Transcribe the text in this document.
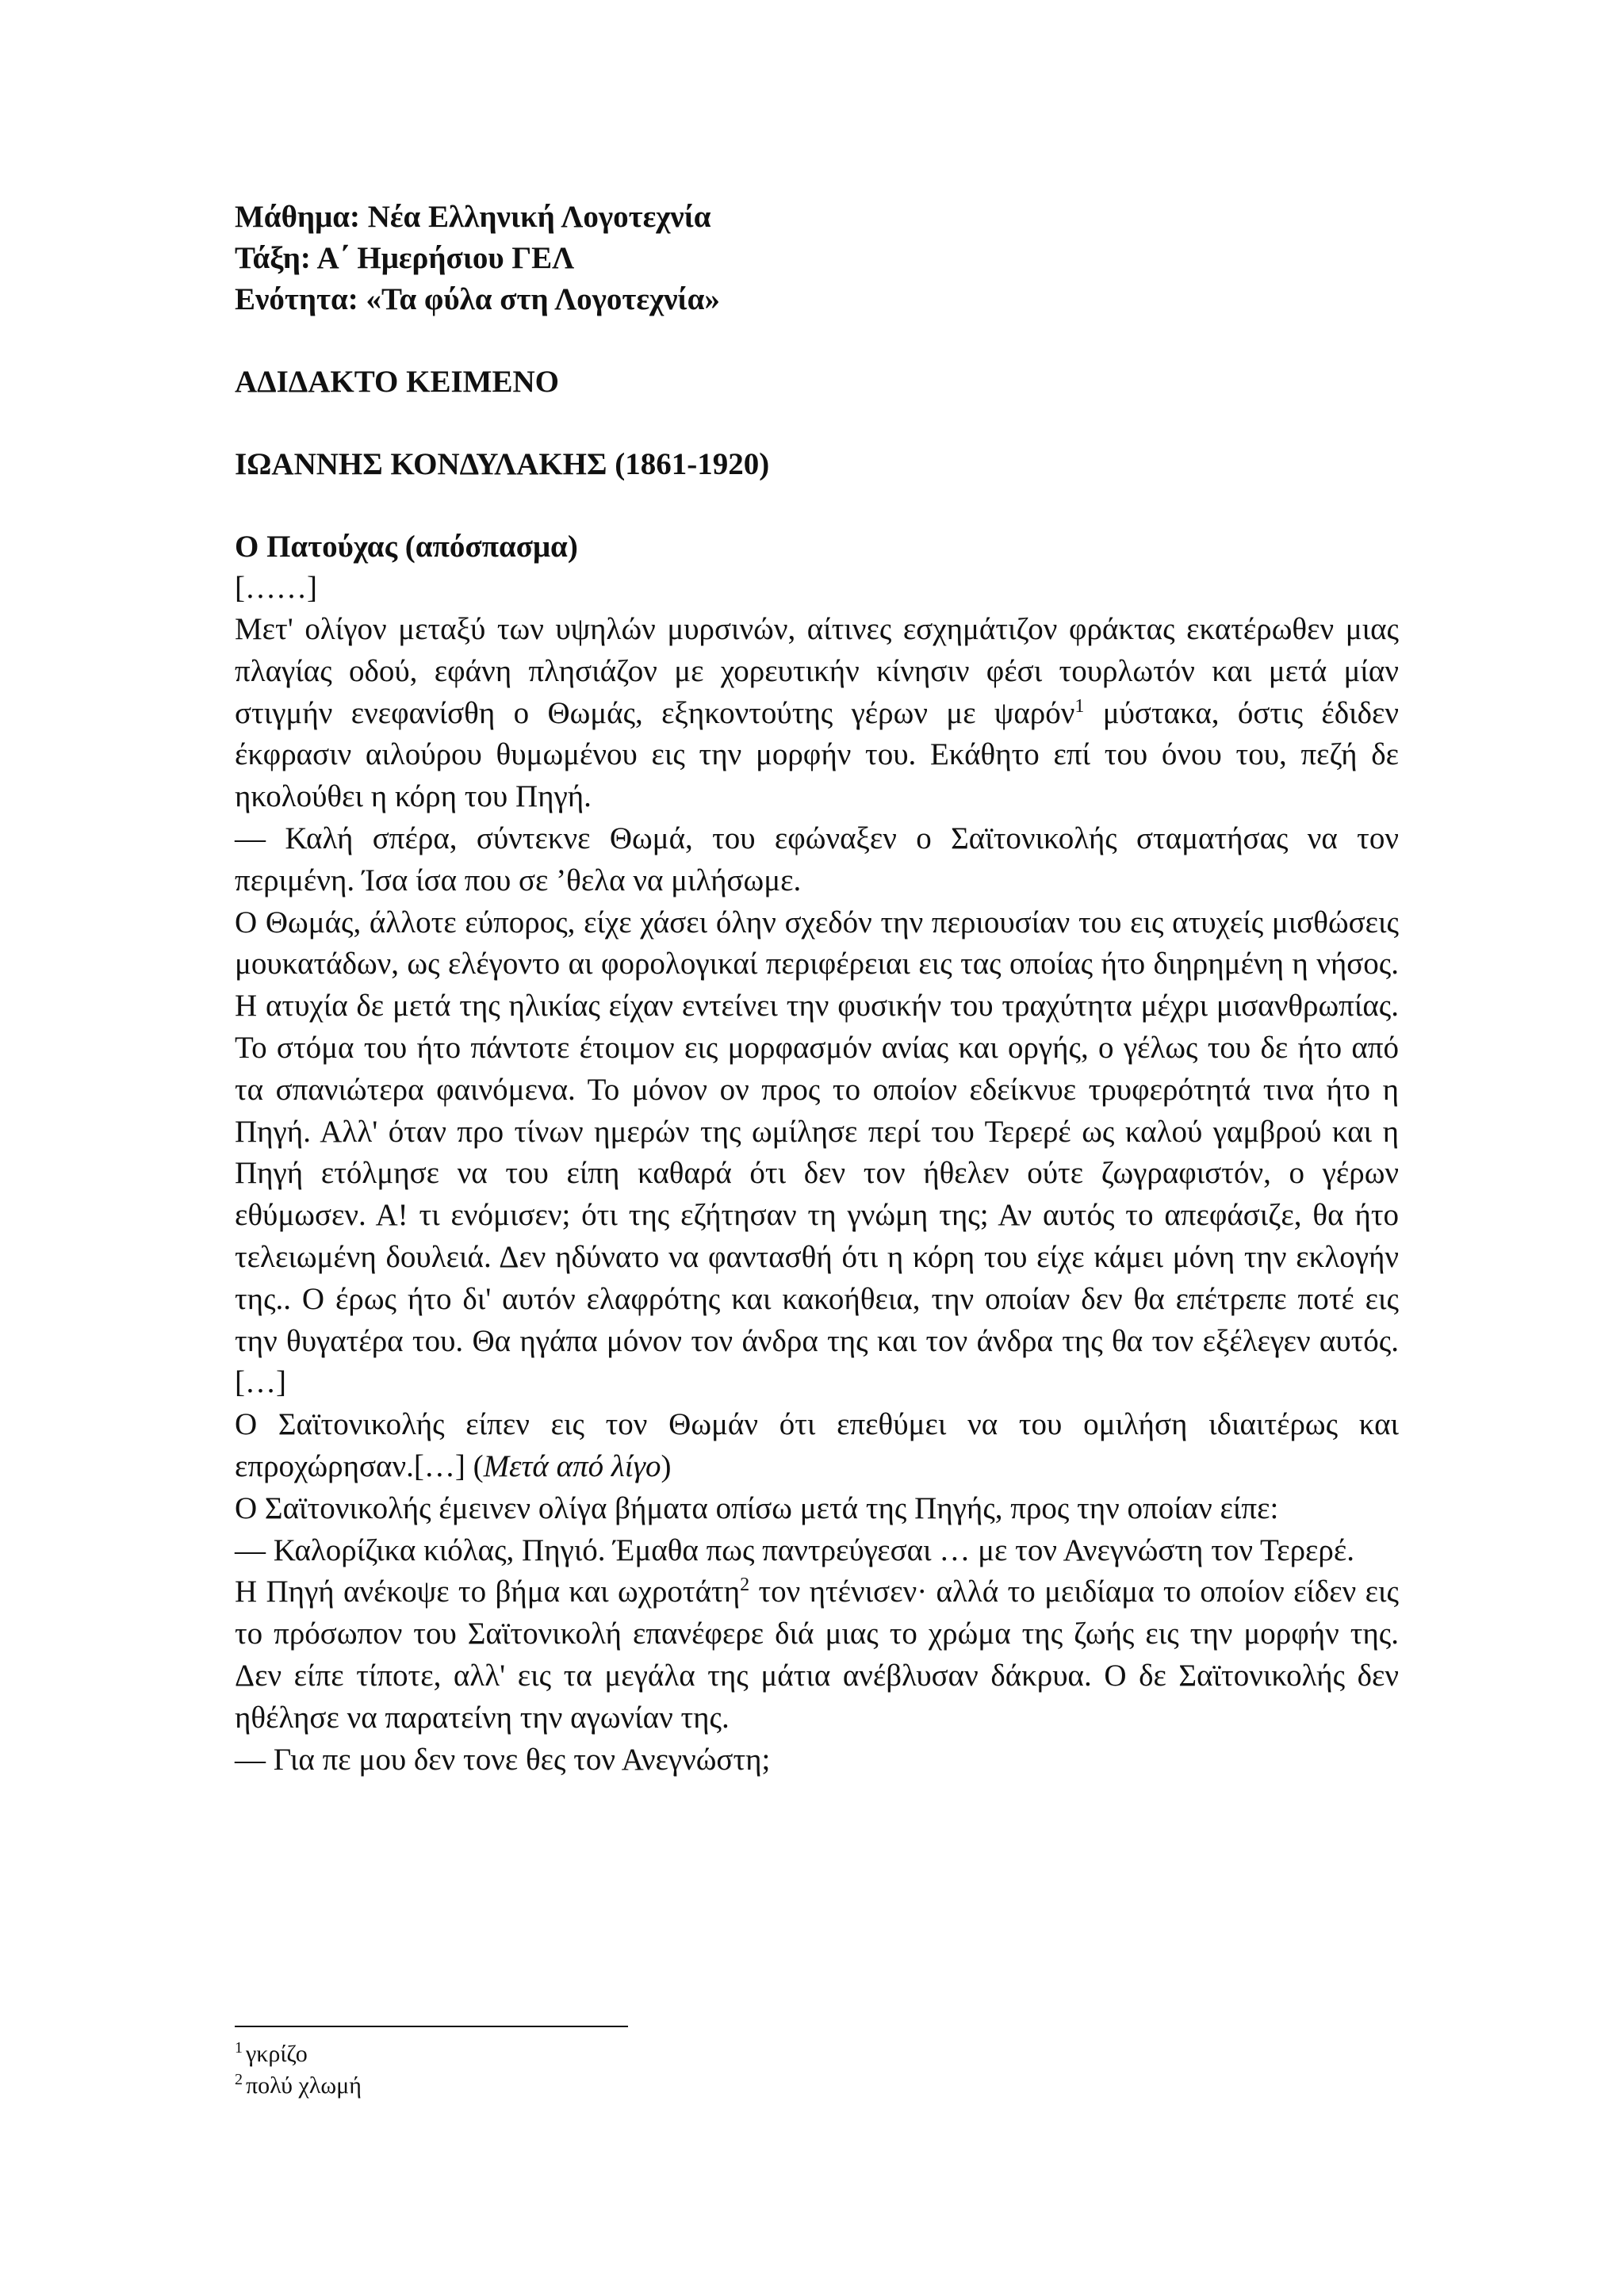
Μάθημα: Νέα Ελληνική Λογοτεχνία
Τάξη: Α΄ Ημερήσιου ΓΕΛ
Ενότητα: «Τα φύλα στη Λογοτεχνία»
ΑΔΙΔΑΚΤΟ ΚΕΙΜΕΝΟ
ΙΩΑΝΝΗΣ ΚΟΝΔΥΛΑΚΗΣ (1861-1920)
Ο Πατούχας (απόσπασμα)
[……]

Μετ' ολίγον μεταξύ των υψηλών μυρσινών, αίτινες εσχημάτιζον φράκτας εκατέρωθεν μιας πλαγίας οδού, εφάνη πλησιάζον με χορευτικήν κίνησιν φέσι τουρλωτόν και μετά μίαν στιγμήν ενεφανίσθη ο Θωμάς, εξηκοντούτης γέρων με ψαρόν$^1$ μύστακα, όστις έδιδεν έκφρασιν αιλούρου θυμωμένου εις την μορφήν του. Εκάθητο επί του όνου του, πεζή δε ηκολούθει η κόρη του Πηγή.

— Καλή σπέρα, σύντεκνε Θωμά, του εφώναξεν ο Σαϊτονικολής σταματήσας να τον περιμένη. Ίσα ίσα που σε ’θελα να μιλήσωμε.

Ο Θωμάς, άλλοτε εύπορος, είχε χάσει όλην σχεδόν την περιουσίαν του εις ατυχείς μισθώσεις μουκατάδων, ως ελέγοντο αι φορολογικαί περιφέρειαι εις τας οποίας ήτο διηρημένη η νήσος. Η ατυχία δε μετά της ηλικίας είχαν εντείνει την φυσικήν του τραχύτητα μέχρι μισανθρωπίας. Το στόμα του ήτο πάντοτε έτοιμον εις μορφασμόν ανίας και οργής, ο γέλως του δε ήτο από τα σπανιώτερα φαινόμενα. Το μόνον ον προς το οποίον εδείκνυε τρυφερότητά τινα ήτο η Πηγή. Αλλ' όταν προ τίνων ημερών της ωμίλησε περί του Τερερέ ως καλού γαμβρού και η Πηγή ετόλμησε να του είπη καθαρά ότι δεν τον ήθελεν ούτε ζωγραφιστόν, ο γέρων εθύμωσεν. Α! τι ενόμισεν; ότι της εζήτησαν τη γνώμη της; Αν αυτός το απεφάσιζε, θα ήτο τελειωμένη δουλειά. Δεν ηδύνατο να φαντασθή ότι η κόρη του είχε κάμει μόνη την εκλογήν της.. Ο έρως ήτο δι' αυτόν ελαφρότης και κακοήθεια, την οποίαν δεν θα επέτρεπε ποτέ εις την θυγατέρα του. Θα ηγάπα μόνον τον άνδρα της και τον άνδρα της θα τον εξέλεγεν αυτός. […]

Ο Σαϊτονικολής είπεν εις τον Θωμάν ότι επεθύμει να του ομιλήση ιδιαιτέρως και επροχώρησαν.[…] (Μετά από λίγο)

Ο Σαϊτονικολής έμεινεν ολίγα βήματα οπίσω μετά της Πηγής, προς την οποίαν είπε:

— Καλορίζικα κιόλας, Πηγιό. Έμαθα πως παντρεύγεσαι … με τον Ανεγνώστη τον Τερερέ.

Η Πηγή ανέκοψε το βήμα και ωχροτάτη$^2$ τον ητένισεν· αλλά το μειδίαμα το οποίον είδεν εις το πρόσωπον του Σαϊτονικολή επανέφερε διά μιας το χρώμα της ζωής εις την μορφήν της. Δεν είπε τίποτε, αλλ' εις τα μεγάλα της μάτια ανέβλυσαν δάκρυα. Ο δε Σαϊτονικολής δεν ηθέλησε να παρατείνη την αγωνίαν της.

— Για πε μου δεν τονε θες τον Ανεγνώστη;

$^1$ γκρίζο

$^2$ πολύ χλωμή
